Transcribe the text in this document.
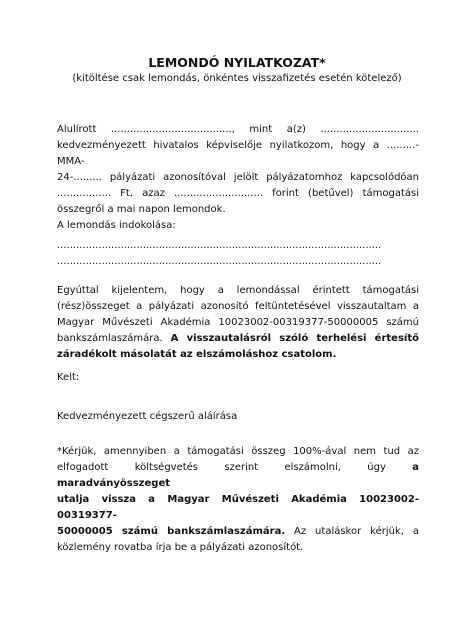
LEMONDÓ NYILATKOZAT*
(kitöltése csak lemondás, önkéntes visszafizetés esetén kötelező)
Alulírott ......................................, mint a(z) ...............................
kedvezményezett hivatalos képviselője nyilatkozom, hogy a .........-MMA-
24-......... pályázati azonosítóval jelölt pályázatomhoz kapcsolódóan
................. Ft, azaz ............................ forint (betűvel) támogatási
összegről a mai napon lemondok.
A lemondás indokolása:
......................................................................................................
......................................................................................................
Egyúttal kijelentem, hogy a lemondással érintett támogatási
(rész)összeget a pályázati azonosító feltüntetésével visszautaltam a
Magyar Művészeti Akadémia 10023002-00319377-50000005 számú
bankszámlaszámára. A visszautalásról szóló terhelési értesítő
záradékolt másolatát az elszámoláshoz csatolom.
Kelt:
Kedvezményezett cégszerű aláírása
*Kérjük, amennyiben a támogatási összeg 100%-ával nem tud az
elfogadott költségvetés szerint elszámolni, úgy	a maradványösszeget
utalja vissza a Magyar Művészeti Akadémia 10023002-00319377-
50000005 számú bankszámlaszámára. Az utaláskor kérjük, a
közlemény rovatba írja be a pályázati azonosítót.
